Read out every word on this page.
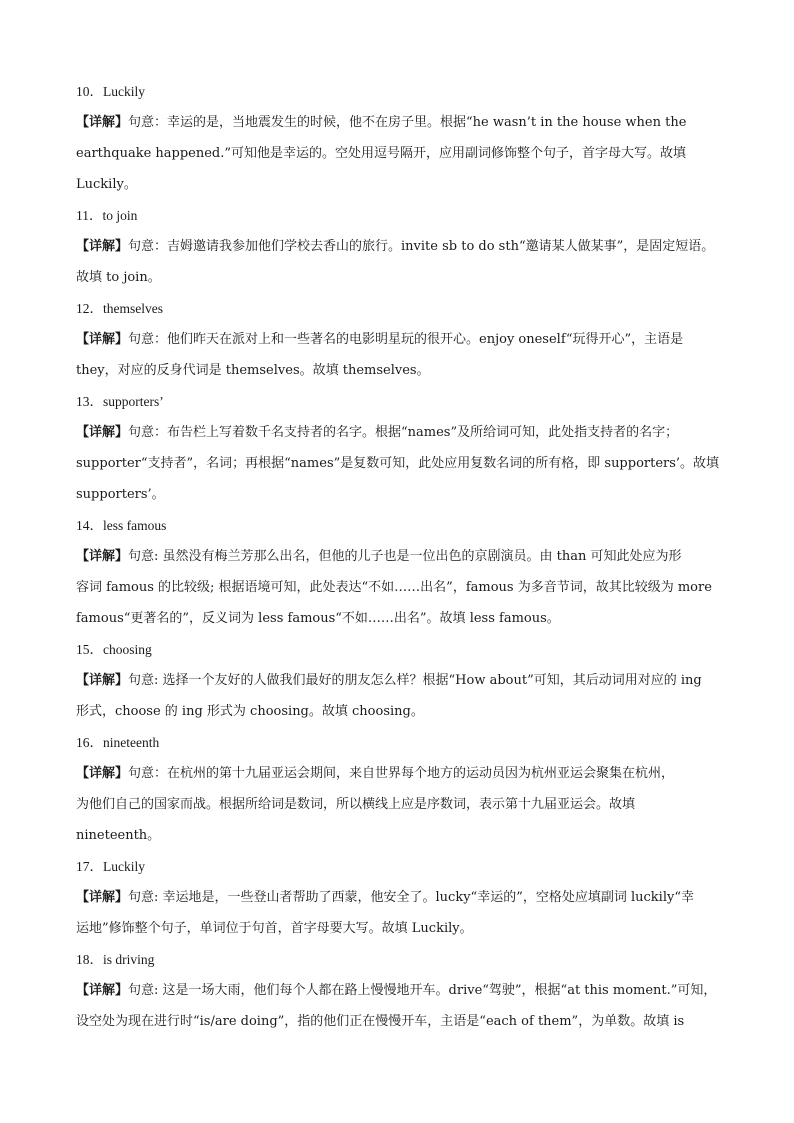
10．Luckily
【详解】句意：幸运的是，当地震发生的时候，他不在房子里。根据“he wasn’t in the house when the
earthquake happened.”可知他是幸运的。空处用逗号隔开，应用副词修饰整个句子，首字母大写。故填
Luckily。
11．to join
【详解】句意：吉姆邀请我参加他们学校去香山的旅行。invite sb to do sth“邀请某人做某事”，是固定短语。
故填 to join。
12．themselves
【详解】句意：他们昨天在派对上和一些著名的电影明星玩的很开心。enjoy oneself“玩得开心”，主语是
they，对应的反身代词是 themselves。故填 themselves。
13．supporters’
【详解】句意：布告栏上写着数千名支持者的名字。根据“names”及所给词可知，此处指支持者的名字；
supporter“支持者”，名词；再根据“names”是复数可知，此处应用复数名词的所有格，即 supporters’。故填
supporters’。
14．less famous
【详解】句意: 虽然没有梅兰芳那么出名，但他的儿子也是一位出色的京剧演员。由 than 可知此处应为形
容词 famous 的比较级; 根据语境可知，此处表达“不如……出名”，famous 为多音节词，故其比较级为 more
famous“更著名的”，反义词为 less famous“不如……出名”。故填 less famous。
15．choosing
【详解】句意: 选择一个友好的人做我们最好的朋友怎么样？根据“How about”可知，其后动词用对应的 ing
形式，choose 的 ing 形式为 choosing。故填 choosing。
16．nineteenth
【详解】句意：在杭州的第十九届亚运会期间，来自世界每个地方的运动员因为杭州亚运会聚集在杭州，
为他们自己的国家而战。根据所给词是数词，所以横线上应是序数词，表示第十九届亚运会。故填
nineteenth。
17．Luckily
【详解】句意: 幸运地是，一些登山者帮助了西蒙，他安全了。lucky“幸运的”，空格处应填副词 luckily“幸
运地”修饰整个句子，单词位于句首，首字母要大写。故填 Luckily。
18．is driving
【详解】句意: 这是一场大雨，他们每个人都在路上慢慢地开车。drive“驾驶”，根据“at this moment.”可知，
设空处为现在进行时“is/are doing”，指的他们正在慢慢开车，主语是“each of them”，为单数。故填 is
